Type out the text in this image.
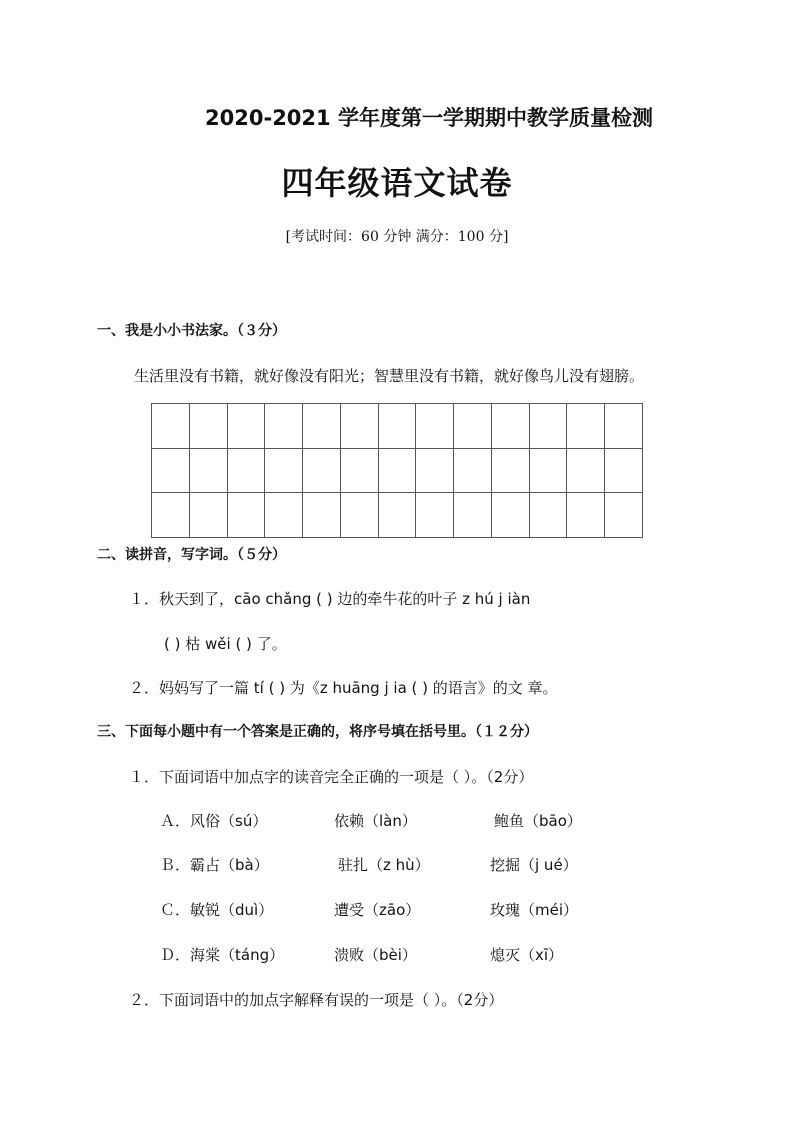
2020-2021 学年度第一学期期中教学质量检测
四年级语文试卷
[考试时间：60 分钟 满分：100 分]
一、我是小小书法家。（３分）
生活里没有书籍，就好像没有阳光；智慧里没有书籍，就好像鸟儿没有翅膀。

二、读拼音，写字词。（５分）
１．秋天到了，cāo chǎng ( ) 边的牵牛花的叶子 z hú j iàn
( ) 枯 wěi ( ) 了。
２．妈妈写了一篇 tí ( ) 为《z huāng j ia ( ) 的语言》的文 章。
三、下面每小题中有一个答案是正确的，将序号填在括号里。（１２分）
１．下面词语中加点字的读音完全正确的一项是（ ）。（2分）
Ａ．风俗（sú）	依赖（làn）	鲍鱼（bāo）
Ｂ．霸占（bà）	驻扎（z hù）	挖掘（j ué）
Ｃ．敏锐（duì）	遭受（zāo）	玫瑰（méi）
Ｄ．海棠（táng）	溃败（bèi）	熄灭（xī）
２．下面词语中的加点字解释有误的一项是（ ）。（2分）
